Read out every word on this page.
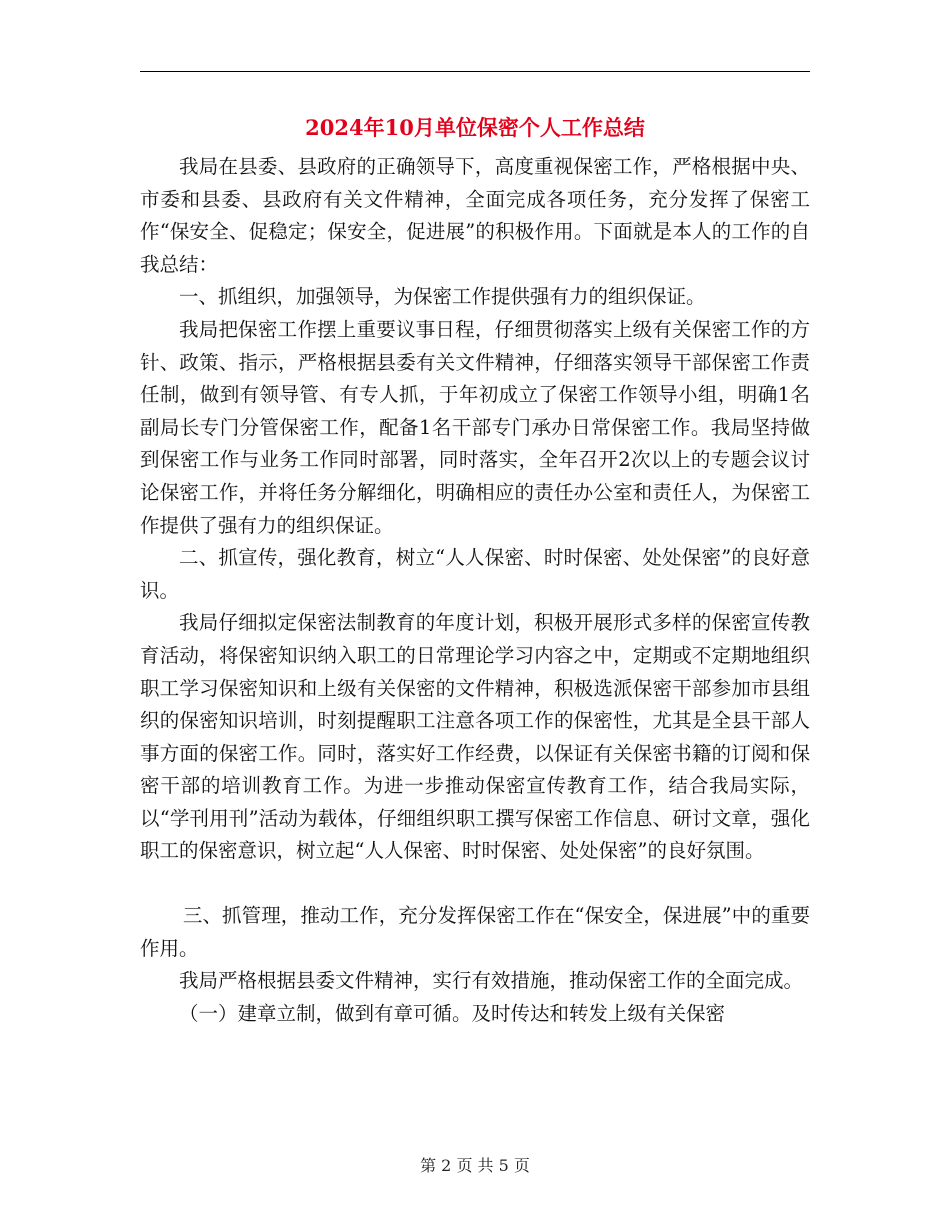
2024年10月单位保密个人工作总结

我局在县委、县政府的正确领导下，高度重视保密工作，严格根据中央、市委和县委、县政府有关文件精神，全面完成各项任务，充分发挥了保密工作“保安全、促稳定；保安全，促进展”的积极作用。下面就是本人的工作的自我总结：

一、抓组织，加强领导，为保密工作提供强有力的组织保证。

我局把保密工作摆上重要议事日程，仔细贯彻落实上级有关保密工作的方针、政策、指示，严格根据县委有关文件精神，仔细落实领导干部保密工作责任制，做到有领导管、有专人抓，于年初成立了保密工作领导小组，明确1名副局长专门分管保密工作，配备1名干部专门承办日常保密工作。我局坚持做到保密工作与业务工作同时部署，同时落实，全年召开2次以上的专题会议讨论保密工作，并将任务分解细化，明确相应的责任办公室和责任人，为保密工作提供了强有力的组织保证。

二、抓宣传，强化教育，树立“人人保密、时时保密、处处保密”的良好意识。

我局仔细拟定保密法制教育的年度计划，积极开展形式多样的保密宣传教育活动，将保密知识纳入职工的日常理论学习内容之中，定期或不定期地组织职工学习保密知识和上级有关保密的文件精神，积极选派保密干部参加市县组织的保密知识培训，时刻提醒职工注意各项工作的保密性，尤其是全县干部人事方面的保密工作。同时，落实好工作经费，以保证有关保密书籍的订阅和保密干部的培训教育工作。为进一步推动保密宣传教育工作，结合我局实际，以“学刊用刊”活动为载体，仔细组织职工撰写保密工作信息、研讨文章，强化职工的保密意识，树立起“人人保密、时时保密、处处保密”的良好氛围。

三、抓管理，推动工作，充分发挥保密工作在“保安全，保进展”中的重要作用。

我局严格根据县委文件精神，实行有效措施，推动保密工作的全面完成。

（一）建章立制，做到有章可循。及时传达和转发上级有关保密

第 2 页 共 5 页
